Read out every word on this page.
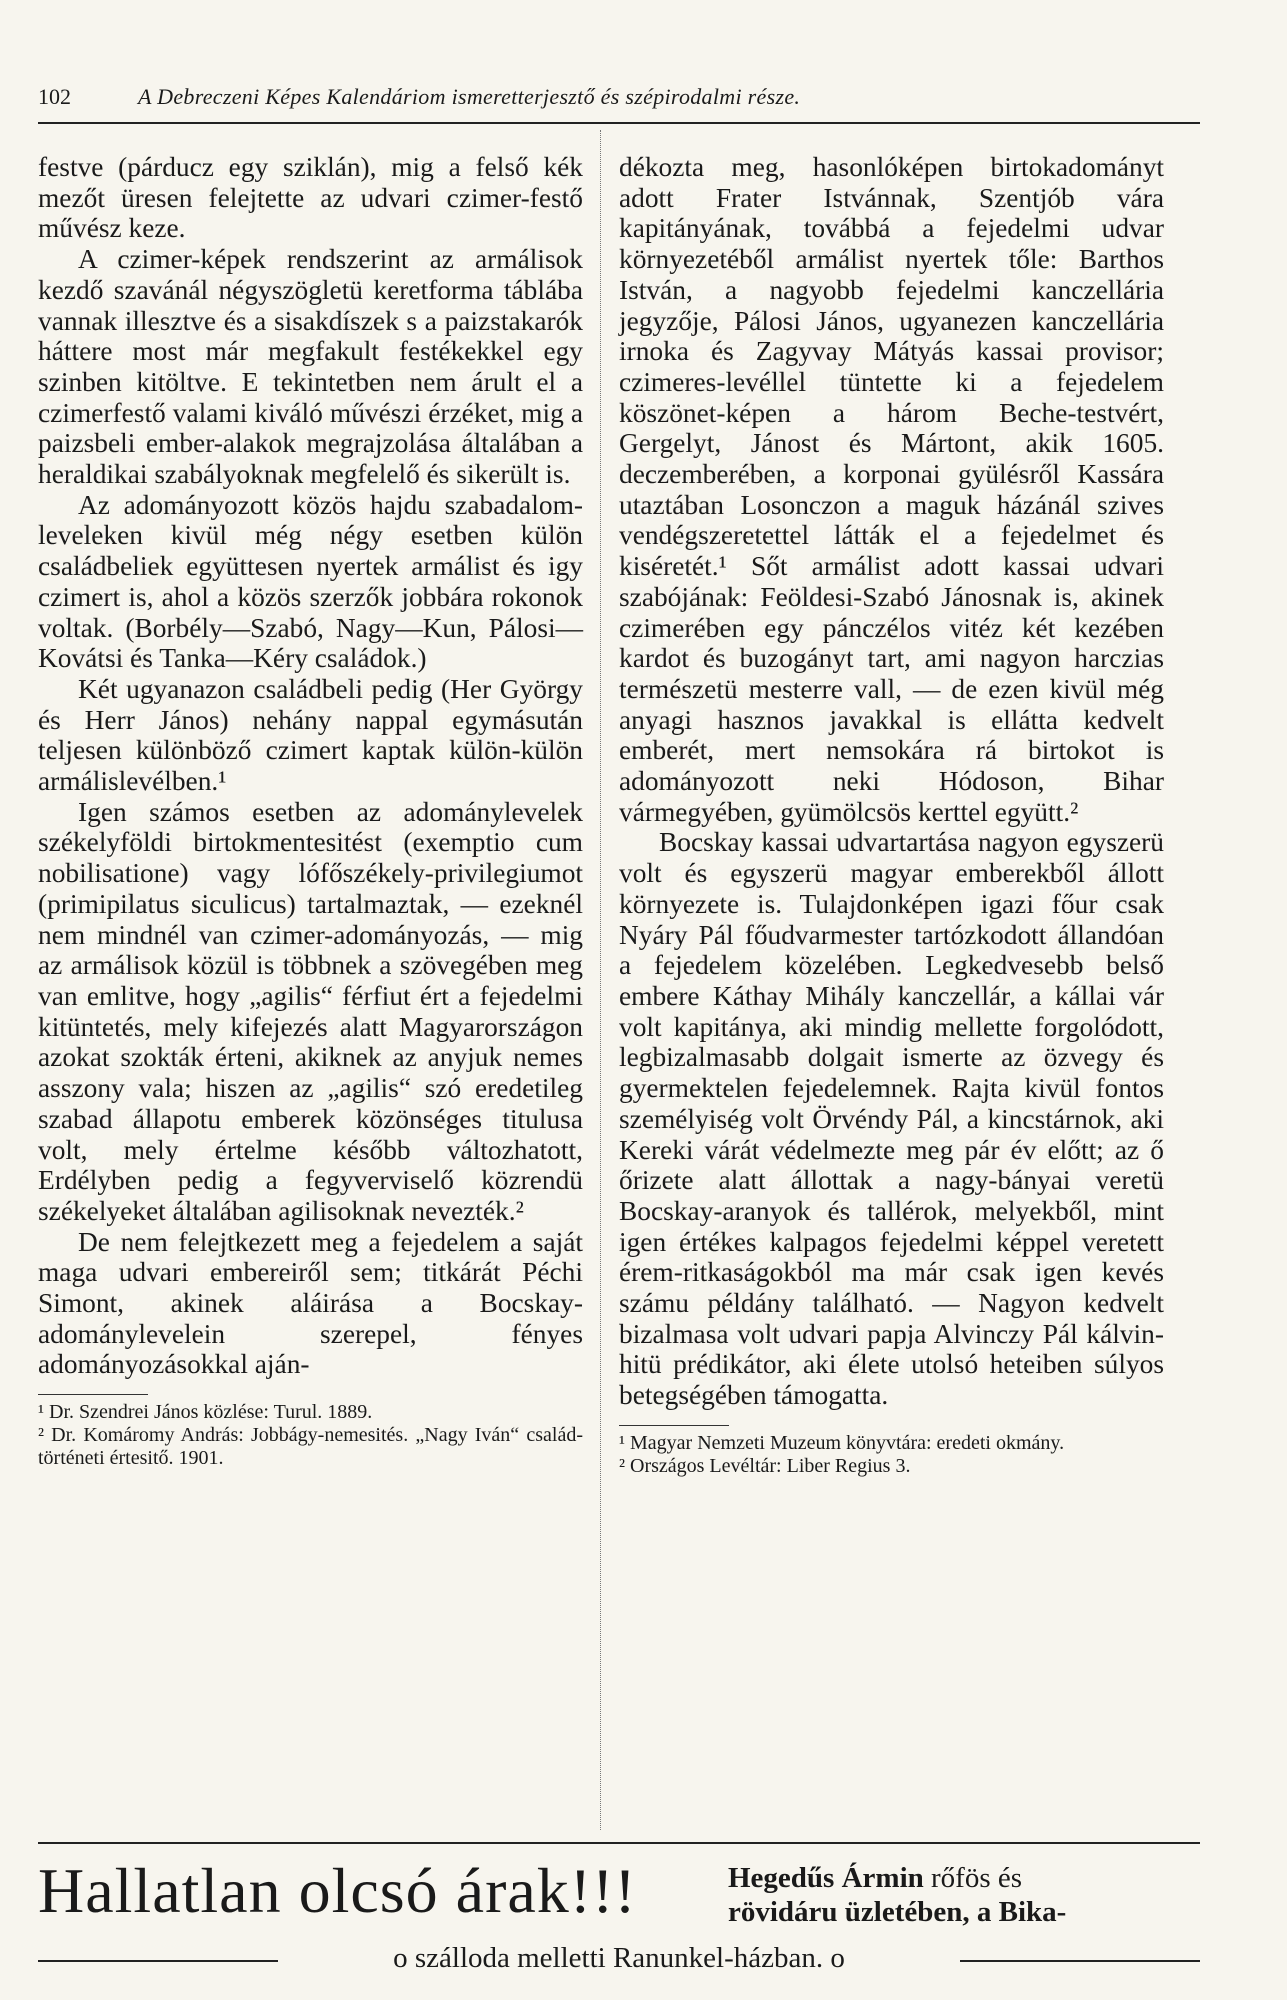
102	A Debreczeni Képes Kalendáriom ismeretterjesztő és szépirodalmi része.

festve (párducz egy sziklán), mig a felső kék mezőt üresen felejtette az udvari czimer-festő művész keze.

A czimer-képek rendszerint az armálisok kezdő szavánál négyszögletü keretforma táblába vannak illesztve és a sisakdíszek s a paizstakarók háttere most már megfakult festékekkel egy szinben kitöltve. E tekintetben nem árult el a czimerfestő valami kiváló művészi érzéket, mig a paizsbeli ember-alakok megrajzolása általában a heraldikai szabályoknak megfelelő és sikerült is.

Az adományozott közös hajdu szabadalom-leveleken kivül még négy esetben külön családbeliek együttesen nyertek armálist és igy czimert is, ahol a közös szerzők jobbára rokonok voltak. (Borbély—Szabó, Nagy—Kun, Pálosi—Kovátsi és Tanka—Kéry családok.)

Két ugyanazon családbeli pedig (Her György és Herr János) nehány nappal egymásután teljesen különböző czimert kaptak külön-külön armálislevélben.¹

Igen számos esetben az adománylevelek székelyföldi birtokmentesitést (exemptio cum nobilisatione) vagy lófőszékely-privilegiumot (primipilatus siculicus) tartalmaztak, — ezeknél nem mindnél van czimer-adományozás, — mig az armálisok közül is többnek a szövegében meg van emlitve, hogy „agilis“ férfiut ért a fejedelmi kitüntetés, mely kifejezés alatt Magyarországon azokat szokták érteni, akiknek az anyjuk nemes asszony vala; hiszen az „agilis“ szó eredetileg szabad állapotu emberek közönséges titulusa volt, mely értelme később változhatott, Erdélyben pedig a fegyverviselő közrendü székelyeket általában agilisoknak nevezték.²

De nem felejtkezett meg a fejedelem a saját maga udvari embereiről sem; titkárát Péchi Simont, akinek aláirása a Bocskay-adománylevelein szerepel, fényes adományozásokkal aján-

¹ Dr. Szendrei János közlése: Turul. 1889.

² Dr. Komáromy András: Jobbágy-nemesités. „Nagy Iván“ család-történeti értesitő. 1901.

dékozta meg, hasonlóképen birtokadományt adott Frater Istvánnak, Szentjób vára kapitányának, továbbá a fejedelmi udvar környezetéből armálist nyertek tőle: Barthos István, a nagyobb fejedelmi kanczellária jegyzője, Pálosi János, ugyanezen kanczellária irnoka és Zagyvay Mátyás kassai provisor; czimeres-levéllel tüntette ki a fejedelem köszönet-képen a három Beche-testvért, Gergelyt, Jánost és Mártont, akik 1605. deczemberében, a korponai gyülésről Kassára utaztában Losonczon a maguk házánál szives vendégszeretettel látták el a fejedelmet és kiséretét.¹ Sőt armálist adott kassai udvari szabójának: Feöldesi-Szabó Jánosnak is, akinek czimerében egy pánczélos vitéz két kezében kardot és buzogányt tart, ami nagyon harczias természetü mesterre vall, — de ezen kivül még anyagi hasznos javakkal is ellátta kedvelt emberét, mert nemsokára rá birtokot is adományozott neki Hódoson, Bihar vármegyében, gyümölcsös kerttel együtt.²

Bocskay kassai udvartartása nagyon egyszerü volt és egyszerü magyar emberekből állott környezete is. Tulajdonképen igazi főur csak Nyáry Pál főudvarmester tartózkodott állandóan a fejedelem közelében. Legkedvesebb belső embere Káthay Mihály kanczellár, a kállai vár volt kapitánya, aki mindig mellette forgolódott, legbizalmasabb dolgait ismerte az özvegy és gyermektelen fejedelemnek. Rajta kivül fontos személyiség volt Örvéndy Pál, a kincstárnok, aki Kereki várát védelmezte meg pár év előtt; az ő őrizete alatt állottak a nagy-bányai veretü Bocskay-aranyok és tallérok, melyekből, mint igen értékes kalpagos fejedelmi képpel veretett érem-ritkaságokból ma már csak igen kevés számu példány található. — Nagyon kedvelt bizalmasa volt udvari papja Alvinczy Pál kálvin-hitü prédikátor, aki élete utolsó heteiben súlyos betegségében támogatta.

¹ Magyar Nemzeti Muzeum könyvtára: eredeti okmány.

² Országos Levéltár: Liber Regius 3.

Hallatlan olcsó árak!!!	Hegedűs Ármin rőfös és
rövidáru üzletében, a Bika-
o szálloda melletti Ranunkel-házban. o
